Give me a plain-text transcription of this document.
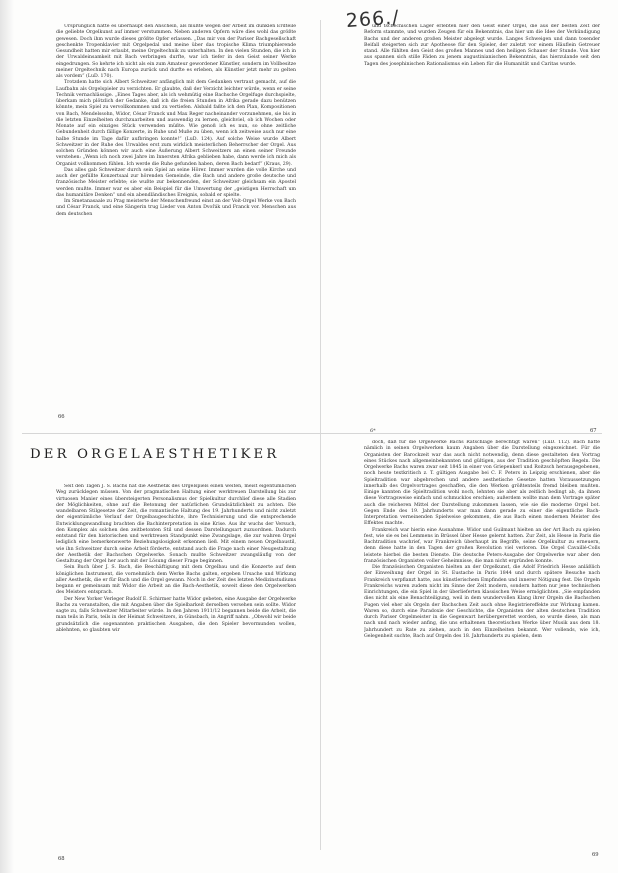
266./

Ursprünglich hatte es überhaupt den Anschein, als müßte wegen der Arbeit im dunklen Erdteile die geliebte Orgelkunst auf immer verstummen. Neben anderen Opfern wäre dies wohl das größte gewesen. Doch ihm wurde dieses größte Opfer erlassen. „Das mir von der Pariser Bachgesellschaft geschenkte Tropenklavier mit Orgelpedal und meine über das tropische Klima triumphierende Gesundheit hatten mir erlaubt, meine Orgeltechnik zu unterhalten. In den vielen Stunden, die ich in der Urwaldeinsamkeit mit Bach verbringen durfte, war ich tiefer in den Geist seiner Werke eingedrungen. So kehrte ich nicht als ein zum Amateur gewordener Künstler, sondern im Vollbesitze meiner Orgeltechnik nach Europa zurück und durfte es erleben, als Künstler jetzt mehr zu gelten als vordem“ (LuD. 170).

Trotzdem hatte sich Albert Schweitzer anfänglich mit dem Gedanken vertraut gemacht, auf die Laufbahn als Orgelspieler zu verzichten. Er glaubte, daß der Verzicht leichter würde, wenn er seine Technik vernachlässige. „Eines Tages aber, als ich wehmütig eine Bachsche Orgelfuge durchspielte, überkam mich plötzlich der Gedanke, daß ich die freien Stunden in Afrika gerade dazu benützen könnte, mein Spiel zu vervollkommnen und zu vertiefen. Alsbald faßte ich den Plan, Kompositionen von Bach, Mendelssohn, Widor, César Franck und Max Reger nacheinander vorzunehmen, sie bis in die letzten Einzelheiten durchzuarbeiten und auswendig zu lernen, gleichviel, ob ich Wochen oder Monate auf ein einziges Stück verwenden müßte. Wie genoß ich es nun, so ohne zeitliche Gebundenheit durch fällige Konzerte, in Ruhe und Muße zu üben, wenn ich zeitweise auch nur eine halbe Stunde im Tage dafür aufbringen konnte!“ (LuD. 124). Auf solche Weise wurde Albert Schweitzer in der Ruhe des Urwaldes erst zum wirklich meisterlichen Beherrscher der Orgel. Aus solchen Gründen können wir auch eine Äußerung Albert Schweitzers an einen seiner Freunde verstehen: „Wenn ich noch zwei Jahre im Innersten Afrika geblieben habe, dann werde ich mich als Organist vollkommen fühlen. Ich werde die Ruhe gefunden haben, deren Bach bedarf“ (Kraus, 29).

Das alles gab Schweitzer durch sein Spiel an seine Hörer. Immer wurden die volle Kirche und auch der gefüllte Konzertsaal zur hörenden Gemeinde, die Bach und andere große deutsche und französische Meister erlebte; sie wußte zur bekennenden, der Schweitzer gleichsam ein Apostel werden mußte. Immer war es aber ein Beispiel für die Umwertung der „geistigen Herrschaft um das humanitäre Denken“ und ein abendländisches Ereignis, sobald er spielte.

Im Smetanasaale zu Prag meisterte der Menschenfreund einst an der Voit-Orgel Werke von Bach und César Franck, und eine Sängerin trug Lieder von Anton Dvořák und Franck vor. Menschen aus dem deutschen

und tschechischen Lager erlebten hier den Geist einer Orgel, die aus der besten Zeit der Reform stammte, und wurden Zeugen für ein Bekenntnis, das hier um die Idee der Verkündigung Bachs und der anderen großen Meister abgelegt wurde. Langes Schweigen und dann tosender Beifall steigerten sich zur Apotheose für den Spieler, der zuletzt vor einem Häuflein Getreuer stand. Alle fühlten den Geist des großen Mannes und den heiligen Schauer der Stunde. Von hier aus spannen sich stille Fäden zu jenem augustinianischen Bekenntnis, das hierzulande seit den Tagen des josephinischen Rationalismus ein Leben für die Humanität und Caritas wurde.

66
6*	67
DER ORGELAESTHETIKER

Seit den Tagen J. S. Bachs hat die Aesthetik des Orgelspiels einen weiten, meist eigentümlichen Weg zurücklegen müssen. Von der pragmatischen Haltung einer werktreuen Darstellung bis zur virtuosen Manier eines übersteigerten Personalismus der Spielkultur durchlief diese alle Stadien der Möglichkeiten, ohne auf die Betonung der natürlichen Grundsätzlichkeit zu achten. Die wandelbaren Stilgesetze der Zeit, die romantische Haltung des 19. Jahrhunderts und nicht zuletzt der eigentümliche Verlauf der Orgelbaugeschichte, ihre Technisierung und die entsprechende Entwicklungswandlung brachten die Bachinterpretation in eine Krise. Aus ihr wuchs der Versuch, den Komplex als solchen den zeitbetonten Stil und dessen Darstellungsart zuzuordnen. Dadurch entstand für den historischen und werktreuen Standpunkt eine Zwangslage, die zur wahren Orgel lediglich eine bemerkenswerte Beziehungslosigkeit erkennen ließ. Mit einem neuen Orgelbaustil, wie ihn Schweitzer durch seine Arbeit förderte, entstand auch die Frage nach einer Neugestaltung der Aesthetik der Bachschen Orgelwerke. Sonach mußte Schweitzer zwangsläufig von der Gestaltung der Orgel her auch mit der Lösung dieser Frage beginnen.

Sein Buch über J. S. Bach, die Beschäftigung mit dem Orgelbau und die Konzerte auf dem königlichen Instrument, die vornehmlich dem Werke Bachs galten, ergeben Ursache und Wirkung aller Aesthetik, die er für Bach und die Orgel gewann. Noch in der Zeit des letzten Medizinstudiums begann er gemeinsam mit Widor die Arbeit an die Bach-Aesthetik, soweit diese den Orgelwerken des Meisters entsprach.

Der New Yorker Verleger Rudolf E. Schirmer hatte Widor gebeten, eine Ausgabe der Orgelwerke Bachs zu veranstalten, die mit Angaben über die Spielbarkeit derselben versehen sein sollte. Widor sagte zu, falls Schweitzer Mitarbeiter würde. In den Jahren 1911/12 begannen beide die Arbeit, die man teils in Paris, teils in der Heimat Schweitzers, in Günsbach, in Angriff nahm. „Obwohl wir beide grundsätzlich die sogenannten praktischen Ausgaben, die den Spieler bevormunden wollen, ablehnten, so glaubten wir

doch, daß für die Orgelwerke Bachs Ratschläge berechtigt wären“ (LuD. 112). Bach hatte nämlich in seinen Orgelwerken kaum Angaben über die Darstellung eingezeichnet. Für die Organisten der Barockzeit war das auch nicht notwendig, denn diese gestalteten den Vortrag eines Stückes nach allgemeinbekannten und gültigen, aus der Tradition geschöpften Regeln. Die Orgelwerke Bachs waren zwar seit 1845 in einer von Griepenkerl und Roitzsch herausgegebenen, noch heute textkritisch z. T. gültigen Ausgabe bei C. F. Peters in Leipzig erschienen, aber die Spieltradition war abgebrochen und andere aesthetische Gesetze hatten Voraussetzungen innerhalb des Orgelvortrages geschaffen, die den Werken größtenteils fremd bleiben mußten. Einige kannten die Spieltradition wohl noch, lehnten sie aber als zeitlich bedingt ab, da ihnen diese Vortragsweise einfach und schmucklos erschien; außerdem wollte man dem Vortrage später auch die reicheren Mittel der Darstellung zukommen lassen, wie sie die moderne Orgel bot. Gegen Ende des 19. Jahrhunderts war man dann gerade zu einer die eigentliche Bach-Interpretation verneinenden Spielweise gekommen, die aus Bach einen modernen Meister des Effektes machte.

Frankreich war hierin eine Ausnahme. Widor und Guilmant hielten an der Art Bach zu spielen fest, wie sie es bei Lemmens in Brüssel über Hesse gelernt hatten. Zur Zeit, als Hesse in Paris die Bachtradition wachrief, war Frankreich überhaupt im Begriffe, seine Orgelkultur zu erneuern, denn diese hatte in den Tagen der großen Revolution viel verloren. Die Orgel Cavaillé-Colls leistete hierbei die besten Dienste. Die deutsche Peters-Ausgabe der Orgelwerke war aber den französischen Organisten voller Geheimnisse, die man nicht ergründen konnte.

Die französischen Organisten hielten an der Orgelkunst, die Adolf Friedrich Hesse anläßlich der Einweihung der Orgel in St. Eustache in Paris 1844 und durch spätere Besuche nach Frankreich verpflanzt hatte, aus künstlerischem Empfinden und innerer Nötigung fest. Die Orgeln Frankreichs waren zudem nicht im Sinne der Zeit modern, sondern hatten nur jene technischen Einrichtungen, die ein Spiel in der überlieferten klassischen Weise ermöglichten. „Sie empfanden dies nicht als eine Benachteiligung, weil in dem wundervollen Klang ihrer Orgeln die Bachschen Fugen viel eher als Orgeln der Bachschen Zeit auch ohne Registriereffekte zur Wirkung kamen. Waren so, durch eine Paradoxie der Geschichte, die Organisten der alten deutschen Tradition durch Pariser Orgelmeister in die Gegenwart herübergerettet worden, so wurde diese, als man nach und nach wieder anfing, die uns erhaltenen theoretischen Werke über Musik aus dem 18. Jahrhundert zu Rate zu ziehen, auch in den Einzelheiten bekannt. Wer vollends, wie ich, Gelegenheit suchte, Bach auf Orgeln des 18. Jahrhunderts zu spielen, dem

68
69
